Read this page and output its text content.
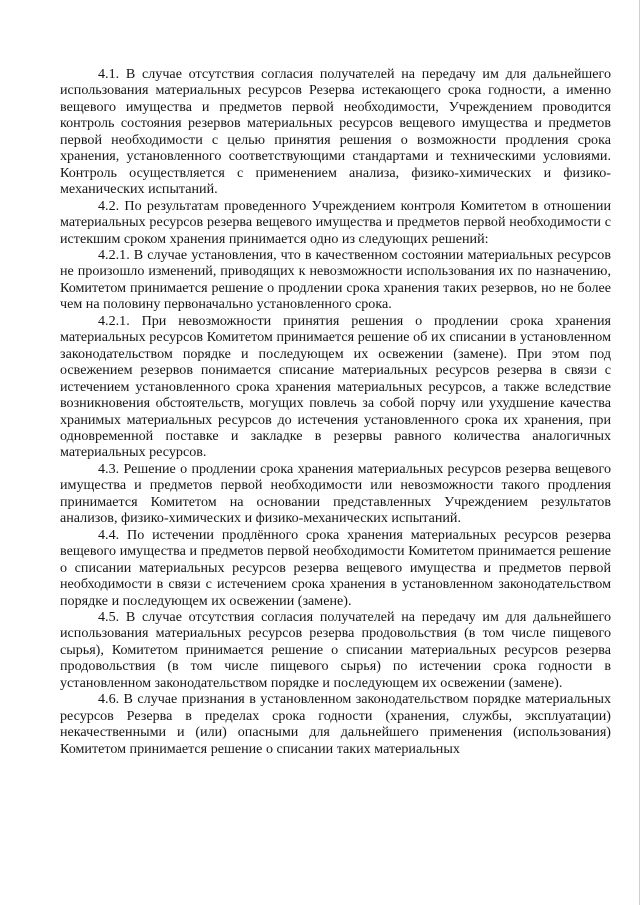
4.1. В случае отсутствия согласия получателей на передачу им для дальнейшего использования материальных ресурсов Резерва истекающего срока годности, а именно вещевого имущества и предметов первой необходимости, Учреждением проводится контроль состояния резервов материальных ресурсов вещевого имущества и предметов первой необходимости с целью принятия решения о возможности продления срока хранения, установленного соответствующими стандартами и техническими условиями. Контроль осуществляется с применением анализа, физико-химических и физико-механических испытаний.

4.2. По результатам проведенного Учреждением контроля Комитетом в отношении материальных ресурсов резерва вещевого имущества и предметов первой необходимости с истекшим сроком хранения принимается одно из следующих решений:

4.2.1. В случае установления, что в качественном состоянии материальных ресурсов не произошло изменений, приводящих к невозможности использования их по назначению, Комитетом принимается решение о продлении срока хранения таких резервов, но не более чем на половину первоначально установленного срока.

4.2.1. При невозможности принятия решения о продлении срока хранения материальных ресурсов Комитетом принимается решение об их списании в установленном законодательством порядке и последующем их освежении (замене). При этом под освежением резервов понимается списание материальных ресурсов резерва в связи с истечением установленного срока хранения материальных ресурсов, а также вследствие возникновения обстоятельств, могущих повлечь за собой порчу или ухудшение качества хранимых материальных ресурсов до истечения установленного срока их хранения, при одновременной поставке и закладке в резервы равного количества аналогичных материальных ресурсов.

4.3. Решение о продлении срока хранения материальных ресурсов резерва вещевого имущества и предметов первой необходимости или невозможности такого продления принимается Комитетом на основании представленных Учреждением результатов анализов, физико-химических и физико-механических испытаний.

4.4. По истечении продлённого срока хранения материальных ресурсов резерва вещевого имущества и предметов первой необходимости Комитетом принимается решение о списании материальных ресурсов резерва вещевого имущества и предметов первой необходимости в связи с истечением срока хранения в установленном законодательством порядке и последующем их освежении (замене).

4.5. В случае отсутствия согласия получателей на передачу им для дальнейшего использования материальных ресурсов резерва продовольствия (в том числе пищевого сырья), Комитетом принимается решение о списании материальных ресурсов резерва продовольствия (в том числе пищевого сырья) по истечении срока годности в установленном законодательством порядке и последующем их освежении (замене).

4.6. В случае признания в установленном законодательством порядке материальных ресурсов Резерва в пределах срока годности (хранения, службы, эксплуатации) некачественными и (или) опасными для дальнейшего применения (использования) Комитетом принимается решение о списании таких материальных
